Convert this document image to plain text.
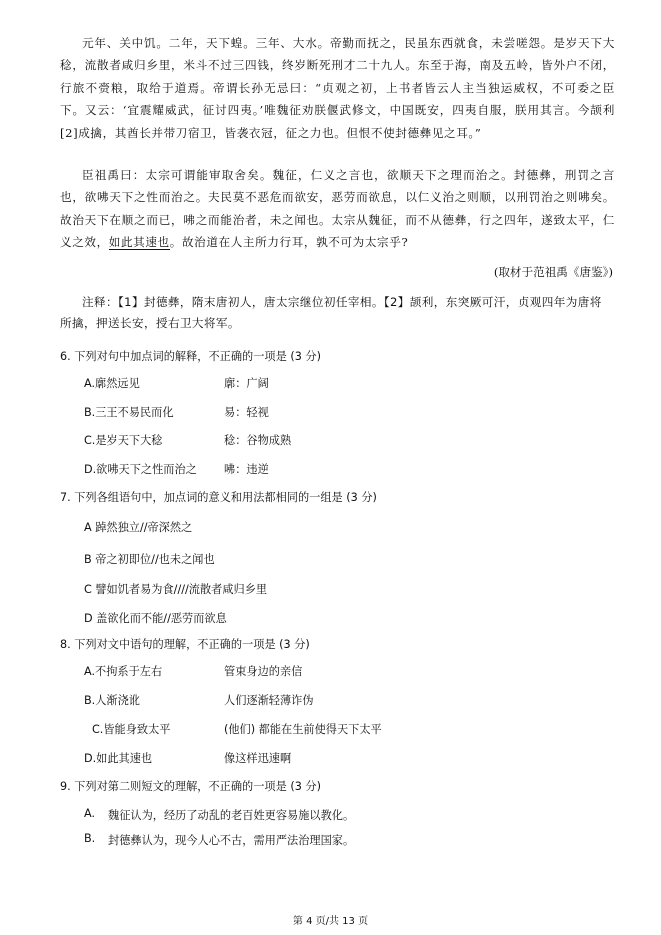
元年、关中饥。二年，天下蝗。三年、大水。帝勤而抚之，民虽东西就食，未尝嗟怨。是岁天下大稔，流散者咸归乡里，米斗不过三四钱，终岁断死刑才二十九人。东至于海，南及五岭，皆外户不闭，行旅不赍粮，取给于道焉。帝谓长孙无忌曰：“贞观之初，上书者皆云人主当独运威权，不可委之臣下。又云：‘宜震耀威武，征讨四夷。’唯魏征劝朕偃武修文，中国既安，四夷自服，朕用其言。今颉利[2]成擒，其酋长并带刀宿卫，皆袭衣冠，征之力也。但恨不使封德彝见之耳。”
臣祖禹曰：太宗可谓能审取舍矣。魏征，仁义之言也，欲顺天下之理而治之。封德彝，刑罚之言也，欲咈天下之性而治之。夫民莫不恶危而欲安，恶劳而欲息，以仁义治之则顺，以刑罚治之则咈矣。故治天下在顺之而已，咈之而能治者，未之闻也。太宗从魏征，而不从德彝，行之四年，遂致太平，仁义之效，如此其速也。故治道在人主所力行耳，孰不可为太宗乎?
(取材于范祖禹《唐鉴》)
注释：【1】封德彝，隋末唐初人，唐太宗继位初任宰相。【2】颉利，东突厥可汗，贞观四年为唐将所擒，押送长安，授右卫大将军。
6. 下列对句中加点词的解释，不正确的一项是 (3 分)
A.廓然远见	廓：广阔
B.三王不易民而化	易：轻视
C.是岁天下大稔	稔：谷物成熟
D.欲咈天下之性而治之 咈：违逆
7. 下列各组语句中，加点词的意义和用法都相同的一组是 (3 分)
A 踔然独立//帝深然之
B 帝之初即位//也未之闻也
C 譬如饥者易为食////流散者咸归乡里
D 盖欲化而不能//恶劳而欲息
8. 下列对文中语句的理解，不正确的一项是 (3 分)
A.不拘系于左右	管束身边的亲信
B.人渐浇讹	人们逐渐轻薄诈伪
C.皆能身致太平	(他们) 都能在生前使得天下太平
D.如此其速也	像这样迅速啊
9. 下列对第二则短文的理解，不正确的一项是 (3 分)
A. 魏征认为，经历了动乱的老百姓更容易施以教化。
B. 封德彝认为，现今人心不古，需用严法治理国家。
第 4 页/共 13 页
